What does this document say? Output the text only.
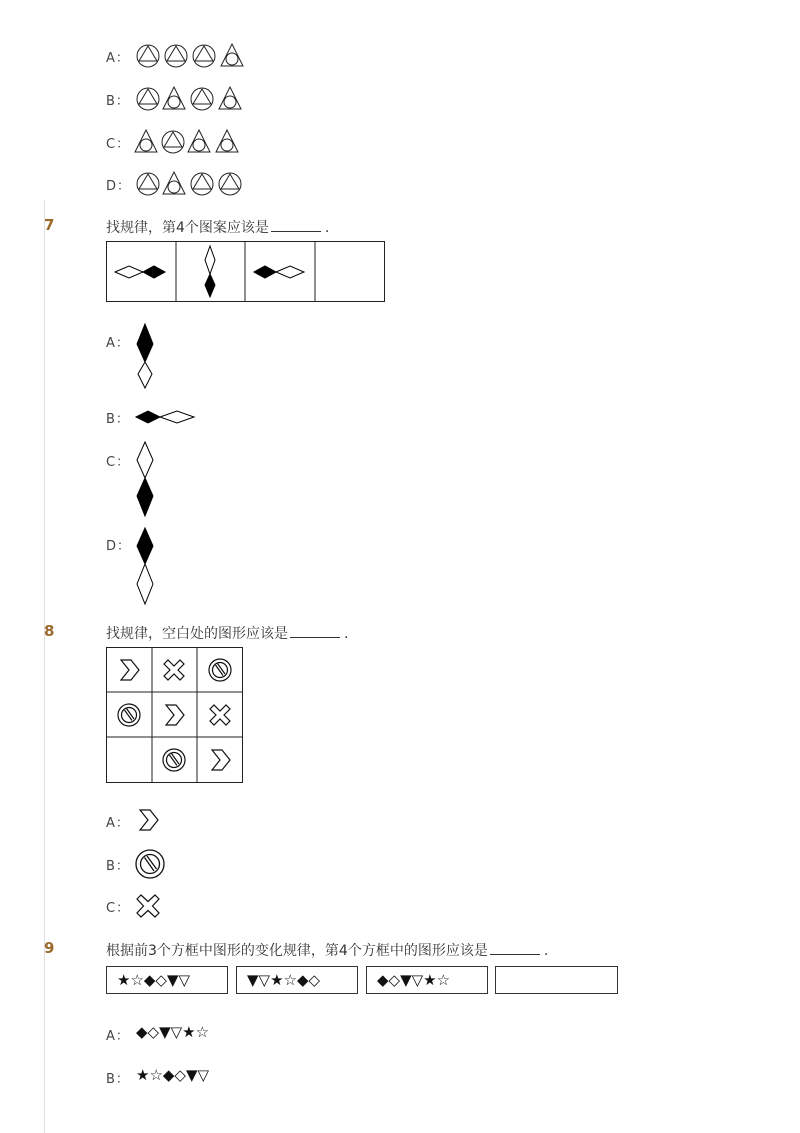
A：
B：
C：
D：
7	找规律，第4个图案应该是	.
A：
B：
C：
D：
8	找规律，空白处的图形应该是	.
A：
B：
C：
9	根据前3个方框中图形的变化规律，第4个方框中的图形应该是	.
★☆◆◇▼▽	▼▽★☆◆◇	◆◇▼▽★☆
A： ◆◇▼▽★☆
B： ★☆◆◇▼▽
